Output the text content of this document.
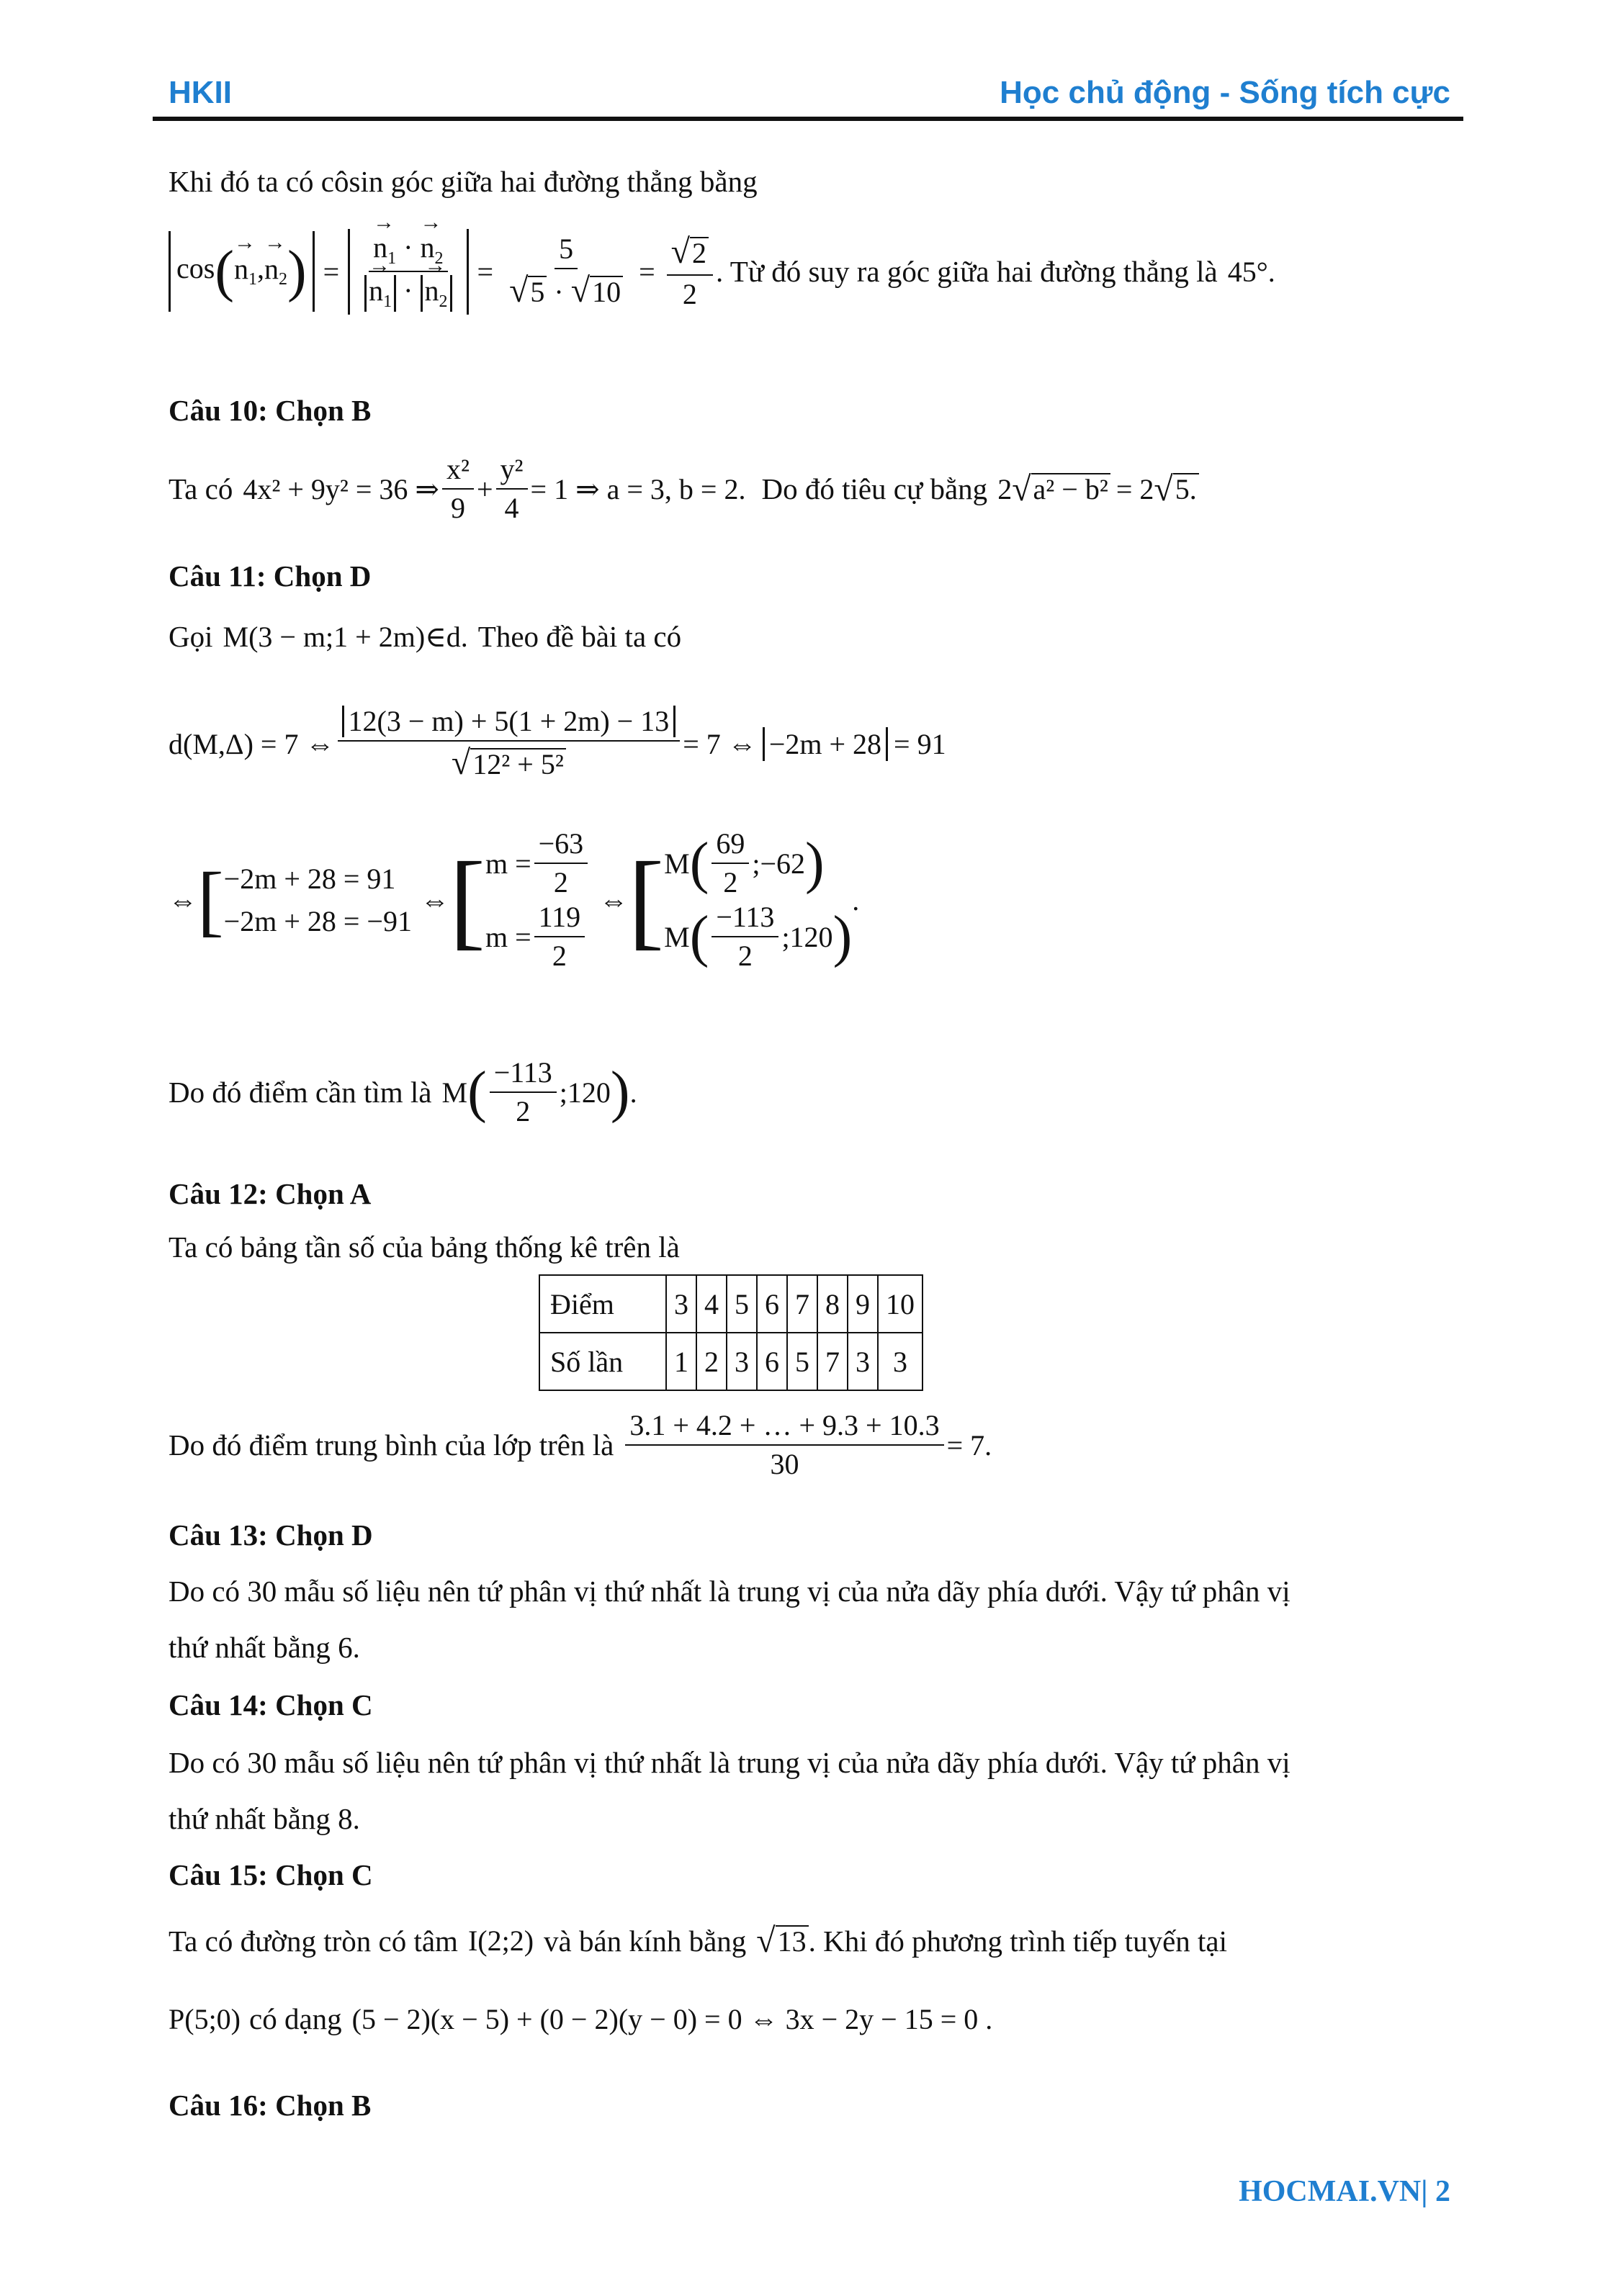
HKII	Học chủ động - Sống tích cực
Khi đó ta có côsin góc giữa hai đường thẳng bằng
$\cos(\to n_1,\to n_2)$ = → $n_1$ · → $n_2$
→ $n_1$ · → $n_2 = \frac{5}{√5 \cdot √10} = \frac{√2}{2}$ . Từ đó suy ra góc giữa hai đường thẳng là 45°.
Câu 10: Chọn B
Ta có 4x² + 9y² = 36 ⇒ $\frac{\text{x²}}{9} + \frac{\text{y²}}{4} = 1$ ⇒ a = 3, b = 2. Do đó tiêu cự bằng 2 √ a² − b² = 2 √ 5.
Câu 11: Chọn D
Gọi M(3 − m;1 + 2m)∈d. Theo đề bài ta có
d(M,Δ) = 7 ⇔ $\frac{12(3 - m) + 5(1 + 2m) - 13}{\text{√12² + 5²}} = 7$ ⇔ −2m + 28 = 91
⇔ [ −2m + 28 = 91
−2m + 28 = −91
⇔ [ $m = \frac{-63}{2}$
$m = \frac{119}{2}$
⇔ [ M ( $\frac{69}{2}$ ;−62 )
M ( $\frac{-113}{2}$ ;120 )
.
Do đó điểm cần tìm là M ( $\frac{-113}{2}$ ;120 ) .
Câu 12: Chọn A
Ta có bảng tần số của bảng thống kê trên là
Điểm	3	4	5	6	7	8	9	10
Số lần	1	2	3	6	5	7	3	3
Do đó điểm trung bình của lớp trên là $\frac{3.1 + 4.2 + \dots + 9.3 + 10.3}{30} = 7$.
Câu 13: Chọn D
Do có 30 mẫu số liệu nên tứ phân vị thứ nhất là trung vị của nửa dãy phía dưới. Vậy tứ phân vị
thứ nhất bằng 6.
Câu 14: Chọn C
Do có 30 mẫu số liệu nên tứ phân vị thứ nhất là trung vị của nửa dãy phía dưới. Vậy tứ phân vị
thứ nhất bằng 8.
Câu 15: Chọn C
Ta có đường tròn có tâm I(2;2) và bán kính bằng √ 13 . Khi đó phương trình tiếp tuyến tại
P(5;0) có dạng (5 − 2)(x − 5) + (0 − 2)(y − 0) = 0 ⇔ 3x − 2y − 15 = 0 .
Câu 16: Chọn B
HOCMAI.VN| 2
